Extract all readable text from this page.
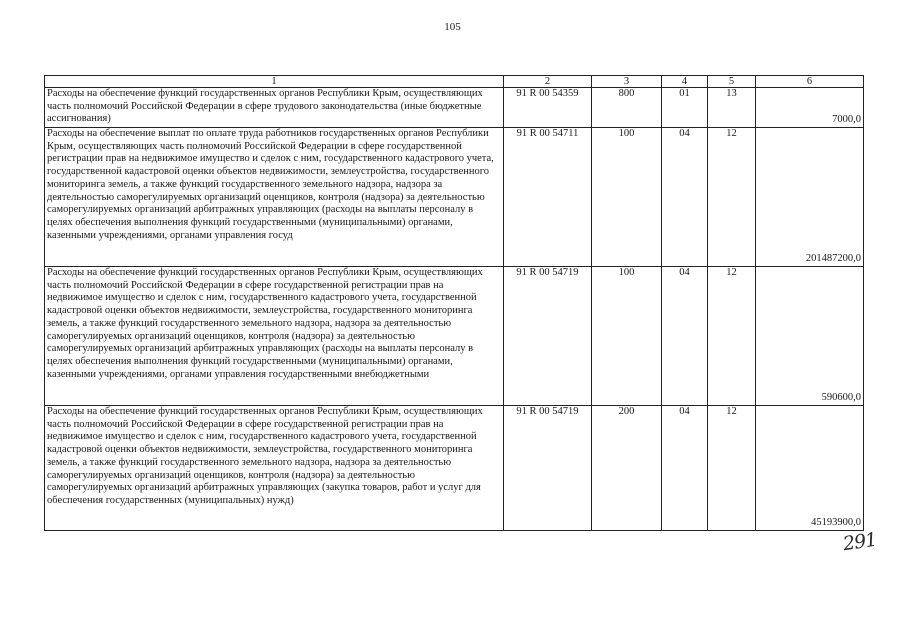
105
1	2	3	4	5	6
Расходы на обеспечение функций государственных органов Республики Крым, осуществляющих часть полномочий Российской Федерации в сфере трудового законодательства (иные бюджетные ассигнования)	91 R 00 54359	800	01	13	7000,0
Расходы на обеспечение выплат по оплате труда работников государственных органов Республики Крым, осуществляющих часть полномочий Российской Федерации в сфере государственной регистрации прав на недвижимое имущество и сделок с ним, государственного кадастрового учета, государственной кадастровой оценки объектов недвижимости, землеустройства, государственного мониторинга земель, а также функций государственного земельного надзора, надзора за деятельностью саморегулируемых организаций оценщиков, контроля (надзора) за деятельностью саморегулируемых организаций арбитражных управляющих (расходы на выплаты персоналу в целях обеспечения выполнения функций государственными (муниципальными) органами, казенными учреждениями, органами управления госуд	91 R 00 54711	100	04	12	201487200,0
Расходы на обеспечение функций государственных органов Республики Крым, осуществляющих часть полномочий Российской Федерации в сфере государственной регистрации прав на недвижимое имущество и сделок с ним, государственного кадастрового учета, государственной кадастровой оценки объектов недвижимости, землеустройства, государственного мониторинга земель, а также функций государственного земельного надзора, надзора за деятельностью саморегулируемых организаций оценщиков, контроля (надзора) за деятельностью саморегулируемых организаций арбитражных управляющих (расходы на выплаты персоналу в целях обеспечения выполнения функций государственными (муниципальными) органами, казенными учреждениями, органами управления государственными внебюджетными	91 R 00 54719	100	04	12	590600,0
Расходы на обеспечение функций государственных органов Республики Крым, осуществляющих часть полномочий Российской Федерации в сфере государственной регистрации прав на недвижимое имущество и сделок с ним, государственного кадастрового учета, государственной кадастровой оценки объектов недвижимости, землеустройства, государственного мониторинга земель, а также функций государственного земельного надзора, надзора за деятельностью саморегулируемых организаций оценщиков, контроля (надзора) за деятельностью саморегулируемых организаций арбитражных управляющих (закупка товаров, работ и услуг для обеспечения государственных (муниципальных) нужд)	91 R 00 54719	200	04	12	45193900,0
291
